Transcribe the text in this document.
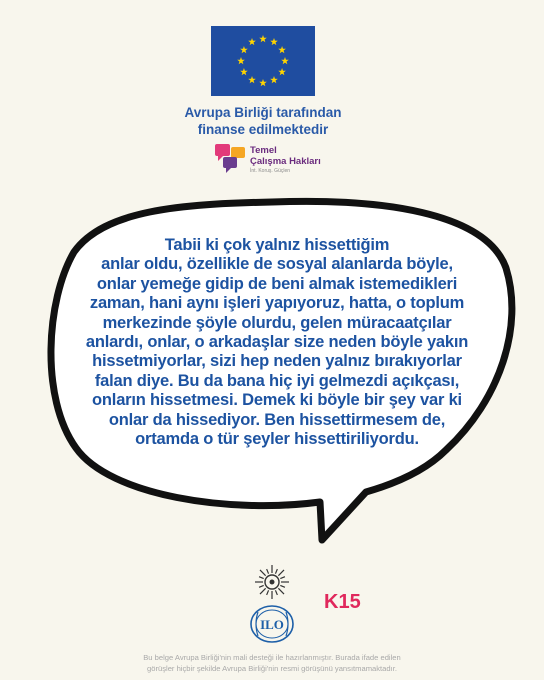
Avrupa Birliği tarafından
finanse edilmektedir
Temel
Çalışma Hakları
İnt. Koruş. Güçlen
Tabii ki çok yalnız hissettiğim
anlar oldu, özellikle de sosyal alanlarda böyle,
onlar yemeğe gidip de beni almak istemedikleri
zaman, hani aynı işleri yapıyoruz, hatta, o toplum
merkezinde şöyle olurdu, gelen müracaatçılar
anlardı, onlar, o arkadaşlar size neden böyle yakın
hissetmiyorlar, sizi hep neden yalnız bırakıyorlar
falan diye. Bu da bana hiç iyi gelmezdi açıkçası,
onların hissetmesi. Demek ki böyle bir şey var ki
onlar da hissediyor. Ben hissettirmesem de,
ortamda o tür şeyler hissettiriliyordu.
ILO
K15
Bu belge Avrupa Birliği'nin mali desteği ile hazırlanmıştır. Burada ifade edilen
görüşler hiçbir şekilde Avrupa Birliği'nin resmi görüşünü yansıtmamaktadır.
